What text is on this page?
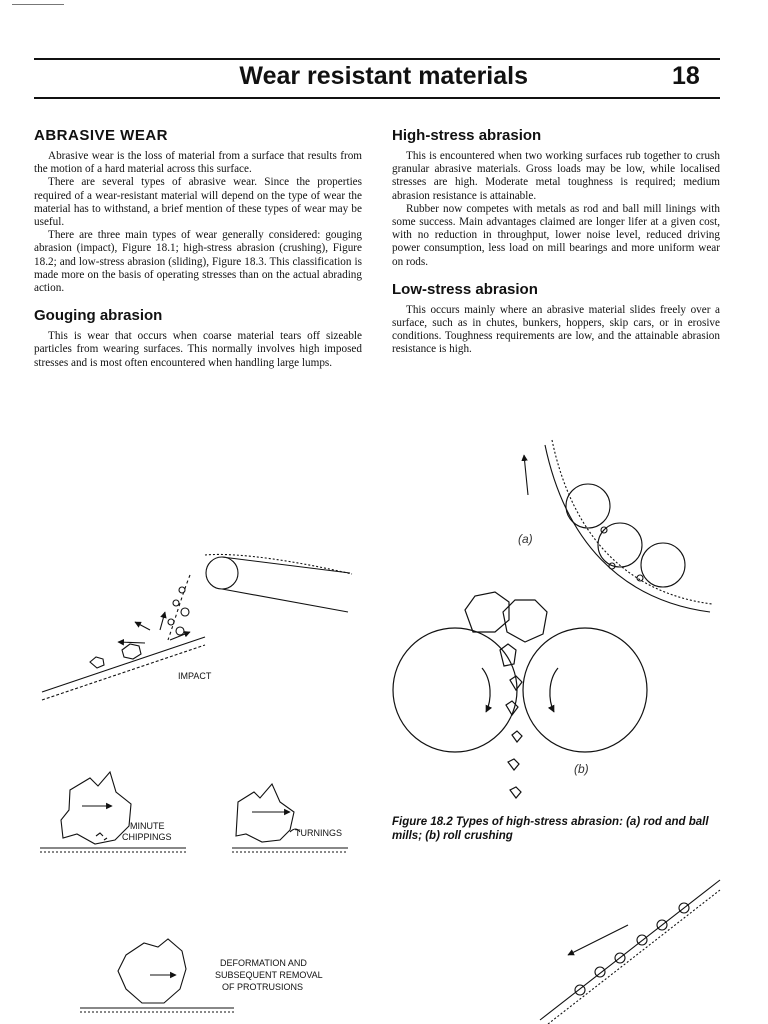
Wear resistant materials	18
ABRASIVE WEAR

Abrasive wear is the loss of material from a surface that results from the motion of a hard material across this surface.

There are several types of abrasive wear. Since the properties required of a wear-resistant material will depend on the type of wear the material has to withstand, a brief mention of these types of wear may be useful.

There are three main types of wear generally considered: gouging abrasion (impact), Figure 18.1; high-stress abrasion (crushing), Figure 18.2; and low-stress abrasion (sliding), Figure 18.3. This classification is made more on the basis of operating stresses than on the actual abrading action.

Gouging abrasion

This is wear that occurs when coarse material tears off sizeable particles from wearing surfaces. This normally involves high imposed stresses and is most often encountered when handling large lumps.

High-stress abrasion

This is encountered when two working surfaces rub together to crush granular abrasive materials. Gross loads may be low, while localised stresses are high. Moderate metal toughness is required; medium abrasion resistance is attainable.

Rubber now competes with metals as rod and ball mill linings with some success. Main advantages claimed are longer lifer at a given cost, with no reduction in throughput, lower noise level, reduced driving power consumption, less load on mill bearings and more uniform wear on rods.

Low-stress abrasion

This occurs mainly where an abrasive material slides freely over a surface, such as in chutes, bunkers, hoppers, skip cars, or in erosive conditions. Toughness requirements are low, and the attainable abrasion resistance is high.

IMPACT
MINUTE
CHIPPINGS	TURNINGS
DEFORMATION AND
SUBSEQUENT REMOVAL
OF PROTRUSIONS
(a)
(b)
Figure 18.2 Types of high-stress abrasion: (a) rod and ball mills; (b) roll crushing
